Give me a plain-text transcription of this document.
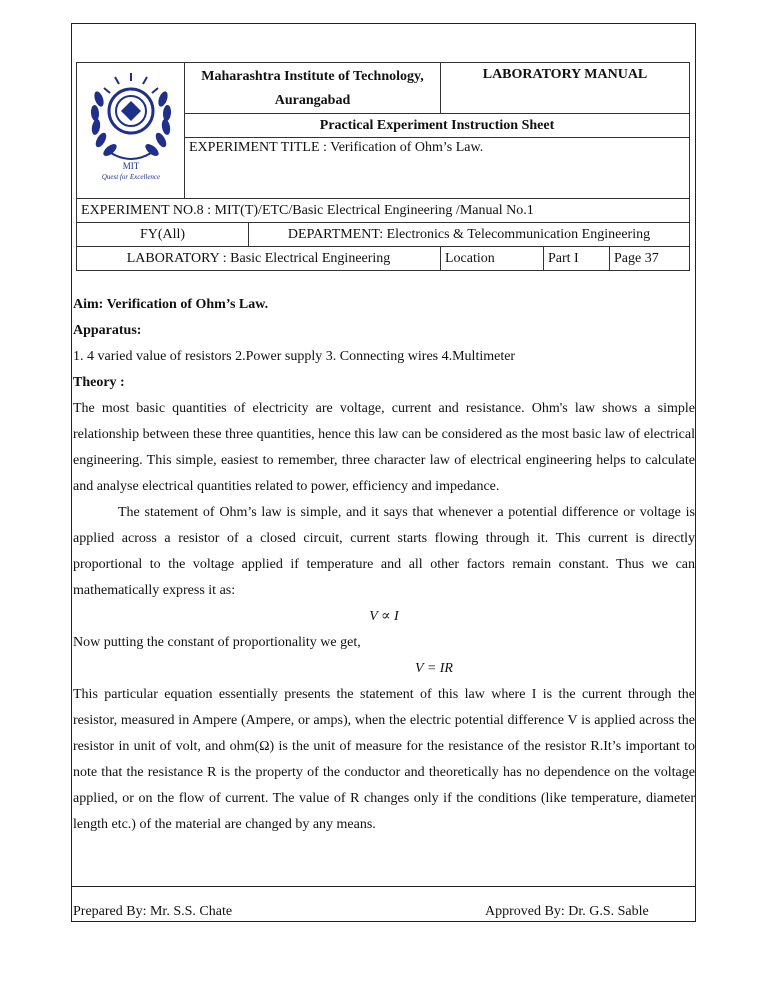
MIT
Quest for Excellence	Maharashtra Institute of Technology,
Aurangabad		LABORATORY MANUAL		
	Practical Experiment Instruction Sheet				
	EXPERIMENT TITLE : Verification of Ohm’s Law.				
EXPERIMENT NO.8 : MIT(T)/ETC/Basic Electrical Engineering /Manual No.1					
FY(All)		DEPARTMENT: Electronics & Telecommunication Engineering			
LABORATORY : Basic Electrical Engineering			Location	Part I	Page 37

Aim: Verification of Ohm’s Law.

Apparatus:

1. 4 varied value of resistors 2.Power supply 3. Connecting wires 4.Multimeter

Theory :

The most basic quantities of electricity are voltage, current and resistance. Ohm's law shows a simple relationship between these three quantities, hence this law can be considered as the most basic law of electrical engineering. This simple, easiest to remember, three character law of electrical engineering helps to calculate and analyse electrical quantities related to power, efficiency and impedance.

The statement of Ohm’s law is simple, and it says that whenever a potential difference or voltage is applied across a resistor of a closed circuit, current starts flowing through it. This current is directly proportional to the voltage applied if temperature and all other factors remain constant. Thus we can mathematically express it as:

V ∝ I

Now putting the constant of proportionality we get,

V = IR

This particular equation essentially presents the statement of this law where I is the current through the resistor, measured in Ampere (Ampere, or amps), when the electric potential difference V is applied across the resistor in unit of volt, and ohm(Ω) is the unit of measure for the resistance of the resistor R.It’s important to note that the resistance R is the property of the conductor and theoretically has no dependence on the voltage applied, or on the flow of current. The value of R changes only if the conditions (like temperature, diameter length etc.) of the material are changed by any means.

Prepared By: Mr. S.S. Chate	Approved By: Dr. G.S. Sable
